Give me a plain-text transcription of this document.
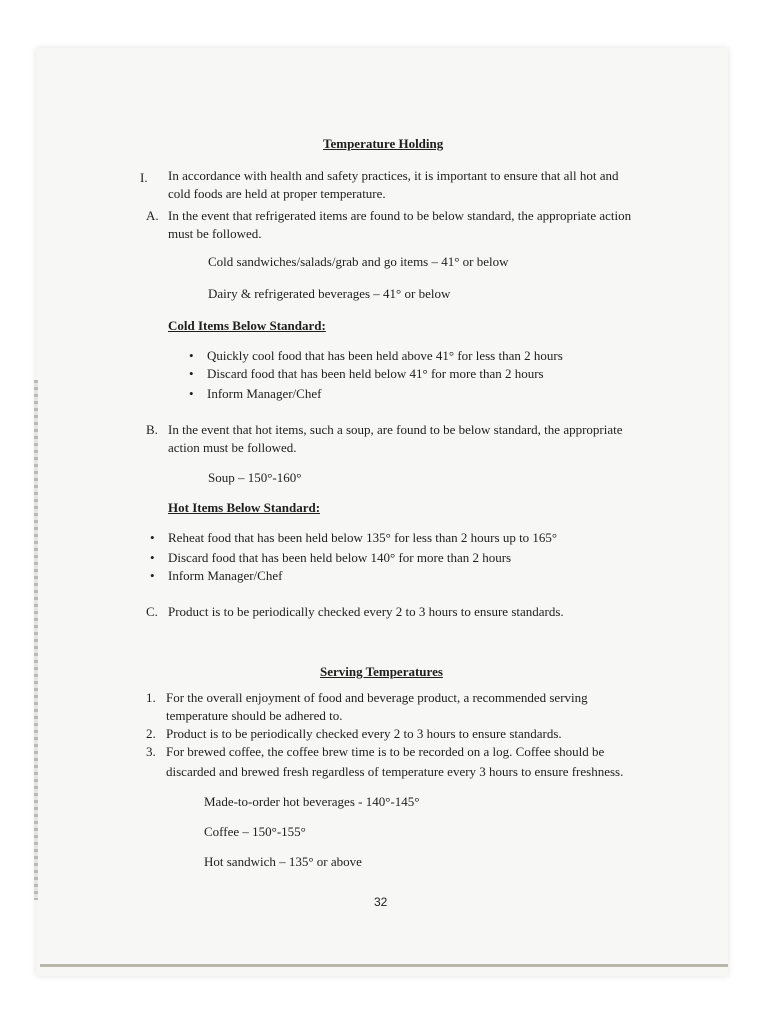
Temperature Holding
I. In accordance with health and safety practices, it is important to ensure that all hot and
cold foods are held at proper temperature.
A. In the event that refrigerated items are found to be below standard, the appropriate action
must be followed.
Cold sandwiches/salads/grab and go items – 41° or below
Dairy & refrigerated beverages – 41° or below
Cold Items Below Standard:
• Quickly cool food that has been held above 41° for less than 2 hours
• Discard food that has been held below 41° for more than 2 hours
• Inform Manager/Chef
B. In the event that hot items, such a soup, are found to be below standard, the appropriate
action must be followed.
Soup – 150°-160°
Hot Items Below Standard:
• Reheat food that has been held below 135° for less than 2 hours up to 165°
• Discard food that has been held below 140° for more than 2 hours
• Inform Manager/Chef
C. Product is to be periodically checked every 2 to 3 hours to ensure standards.
Serving Temperatures
1. For the overall enjoyment of food and beverage product, a recommended serving
temperature should be adhered to.
2. Product is to be periodically checked every 2 to 3 hours to ensure standards.
3. For brewed coffee, the coffee brew time is to be recorded on a log. Coffee should be
discarded and brewed fresh regardless of temperature every 3 hours to ensure freshness.
Made-to-order hot beverages - 140°-145°
Coffee – 150°-155°
Hot sandwich – 135° or above
32
